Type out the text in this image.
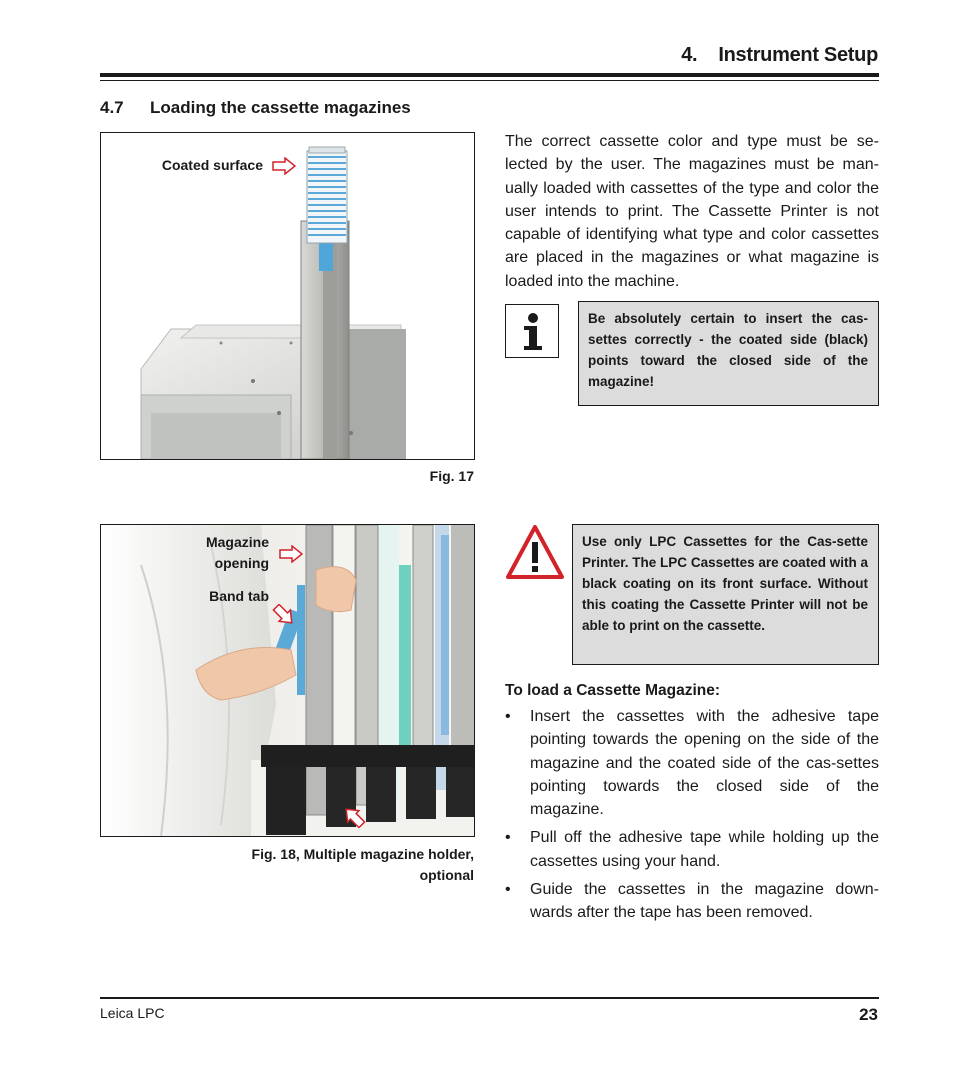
4.    Instrument Setup
4.7 Loading the cassette magazines
Coated surface
Fig. 17
Magazine
opening
Band tab
Fig. 18, Multiple magazine holder,
optional
The correct cassette color and type must be se-lected by the user. The magazines must be man-ually loaded with cassettes of the type and color the user intends to print. The Cassette Printer is not capable of identifying what type and color cassettes are placed in the magazines or what magazine is loaded into the machine.
Be absolutely certain to insert the cas-settes correctly - the coated side (black) points toward the closed side of the magazine!
Use only LPC Cassettes for the Cas-sette Printer. The LPC Cassettes are coated with a black coating on its front surface. Without this coating the Cassette Printer will not be able to print on the cassette.
To load a Cassette Magazine:
• Insert the cassettes with the adhesive tape pointing towards the opening on the side of the magazine and the coated side of the cas-settes pointing towards the closed side of the magazine.
• Pull off the adhesive tape while holding up the cassettes using your hand.
• Guide the cassettes in the magazine down-wards after the tape has been removed.
Leica LPC	23
